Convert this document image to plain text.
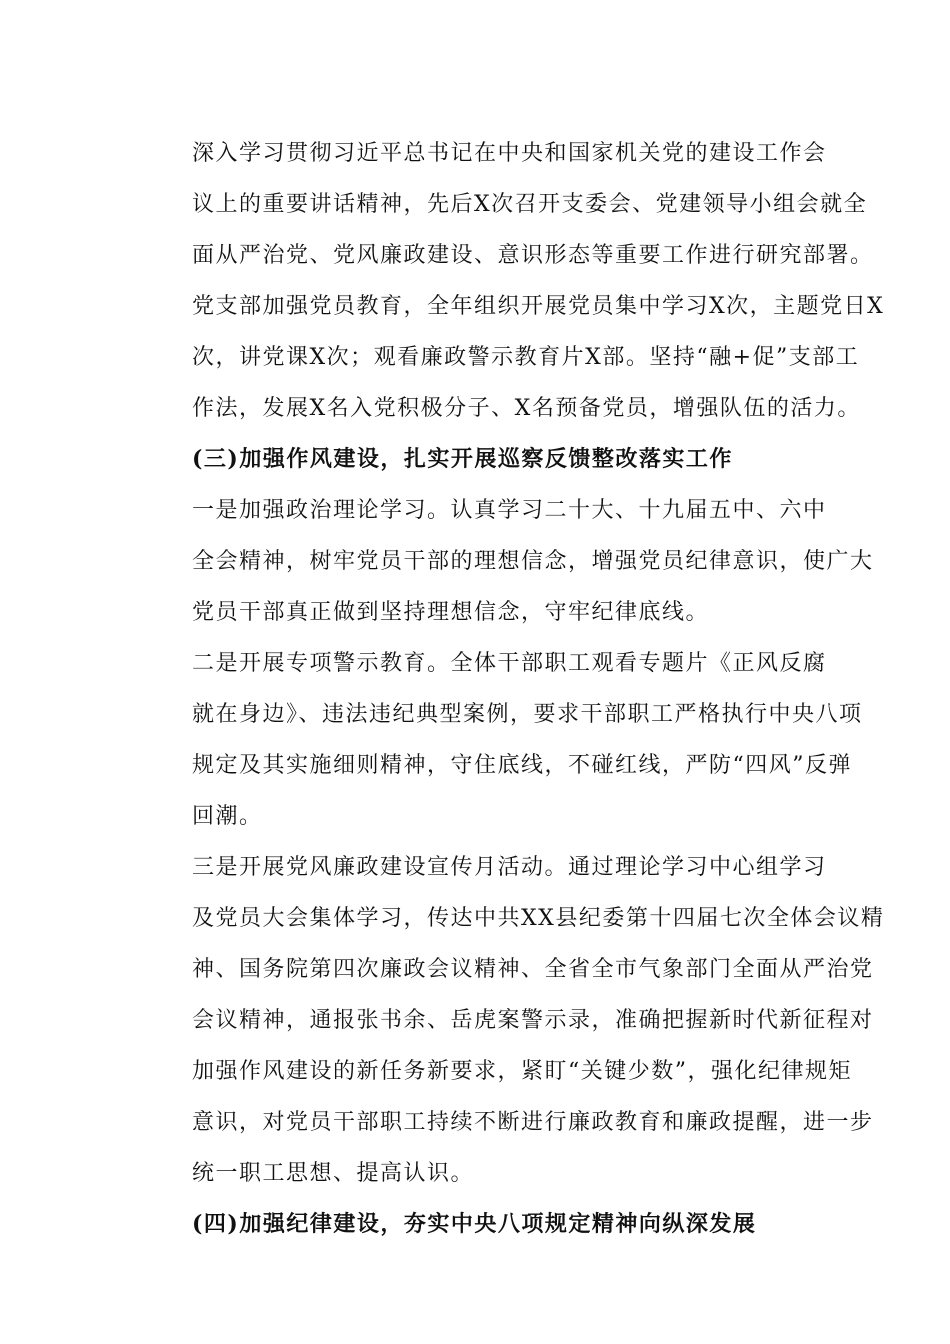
深入学习贯彻习近平总书记在中央和国家机关党的建设工作会
议上的重要讲话精神，先后X次召开支委会、党建领导小组会就全
面从严治党、党风廉政建设、意识形态等重要工作进行研究部署。
党支部加强党员教育，全年组织开展党员集中学习X次，主题党日X
次，讲党课X次；观看廉政警示教育片X部。坚持“融+促”支部工
作法，发展X名入党积极分子、X名预备党员，增强队伍的活力。

(三)加强作风建设，扎实开展巡察反馈整改落实工作

一是加强政治理论学习。认真学习二十大、十九届五中、六中
全会精神，树牢党员干部的理想信念，增强党员纪律意识，使广大
党员干部真正做到坚持理想信念，守牢纪律底线。

二是开展专项警示教育。全体干部职工观看专题片《正风反腐
就在身边》、违法违纪典型案例，要求干部职工严格执行中央八项
规定及其实施细则精神，守住底线，不碰红线，严防“四风”反弹
回潮。

三是开展党风廉政建设宣传月活动。通过理论学习中心组学习
及党员大会集体学习，传达中共XX县纪委第十四届七次全体会议精
神、国务院第四次廉政会议精神、全省全市气象部门全面从严治党
会议精神，通报张书余、岳虎案警示录，准确把握新时代新征程对
加强作风建设的新任务新要求，紧盯“关键少数”，强化纪律规矩
意识，对党员干部职工持续不断进行廉政教育和廉政提醒，进一步
统一职工思想、提高认识。

(四)加强纪律建设，夯实中央八项规定精神向纵深发展
